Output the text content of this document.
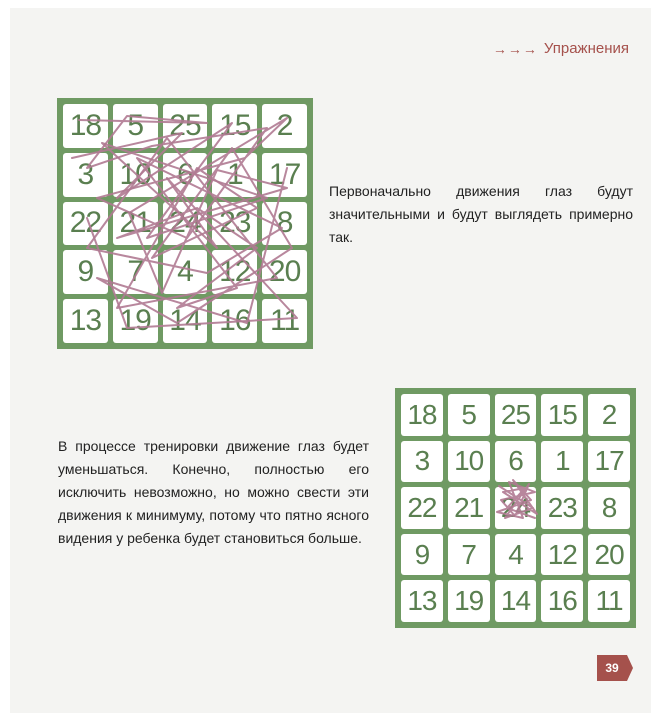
→→→ Упражнения
18 5 25 15 2
3 10 6	1 17
22 21 24 23 8
9	7	4 12 20
13 19 14 16 11
Первоначально движения глаз будут значительными и будут выглядеть примерно так.
18 5 25 15 2
3 10 6	1 17
22 21 24 23 8
9	7	4 12 20
13 19 14 16 11
В процессе тренировки движение глаз будет уменьшаться. Конечно, полностью его исключить невозможно, но можно свести эти движения к минимуму, потому что пятно ясного видения у ребенка будет становиться больше.
39
